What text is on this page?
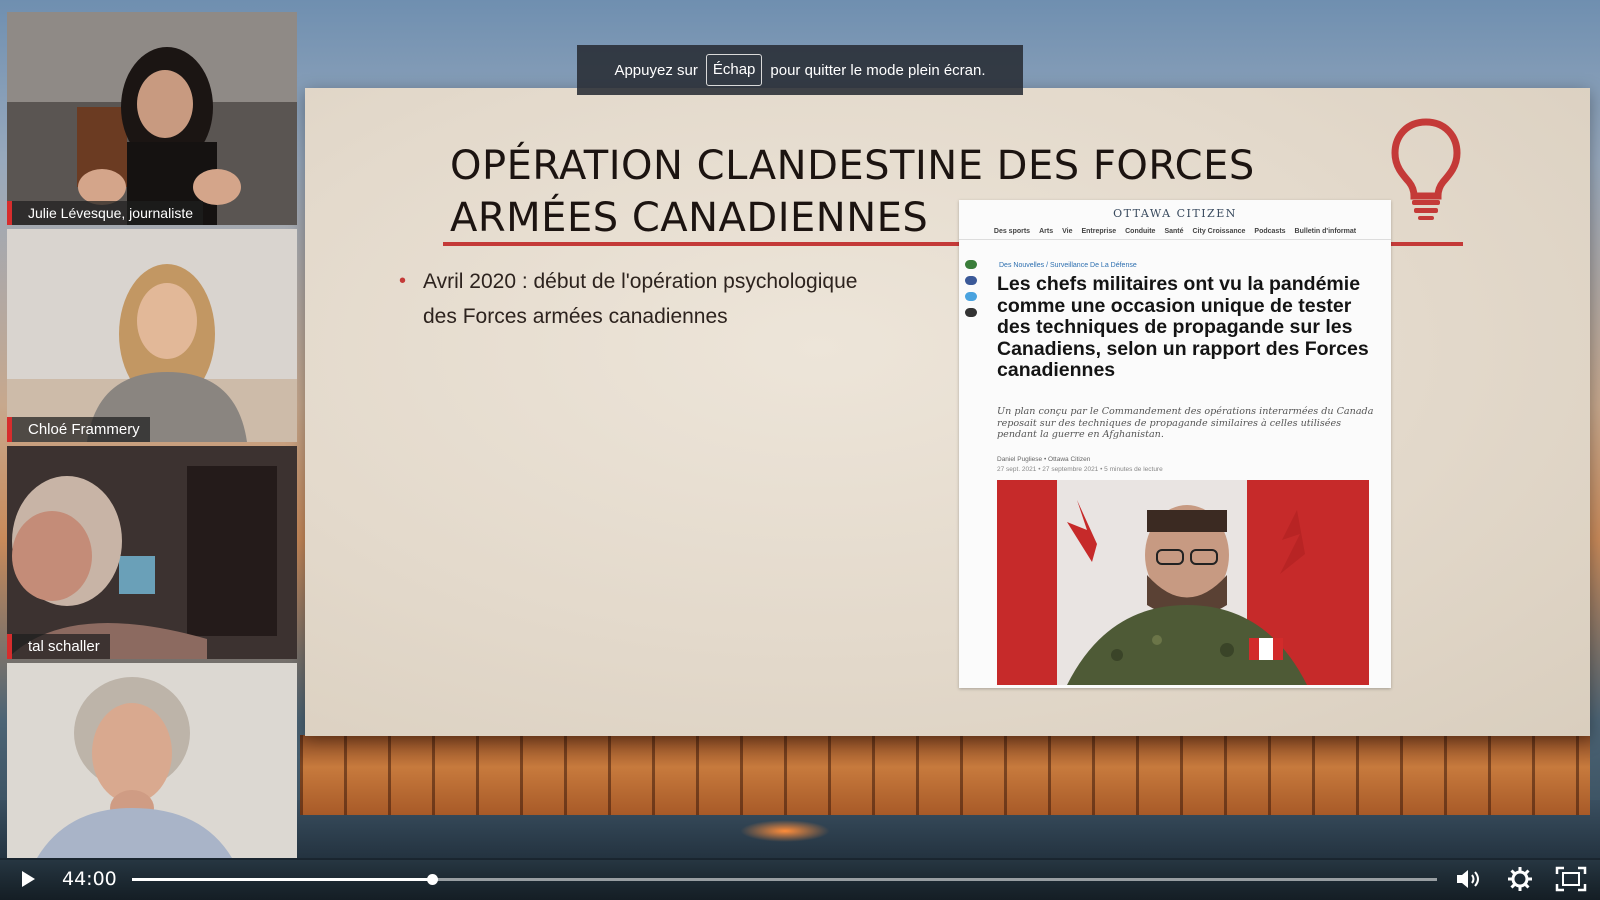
OPÉRATION CLANDESTINE DES FORCES
ARMÉES CANADIENNES
• Avril 2020 : début de l'opération psychologique
des Forces armées canadiennes
OTTAWA CITIZEN
Des sports Arts Vie Entreprise Conduite Santé City Croissance Podcasts Bulletin d'informat
Des Nouvelles / Surveillance De La Défense
Les chefs militaires ont vu la pandémie comme une occasion unique de tester des techniques de propagande sur les Canadiens, selon un rapport des Forces canadiennes

Un plan conçu par le Commandement des opérations interarmées du Canada reposait sur des techniques de propagande similaires à celles utilisées pendant la guerre en Afghanistan.

Daniel Pugliese • Ottawa Citizen
27 sept. 2021 • 27 septembre 2021 • 5 minutes de lecture
Appuyez sur	Échap	pour quitter le mode plein écran.
Julie Lévesque, journaliste
Chloé Frammery
tal schaller
44:00
